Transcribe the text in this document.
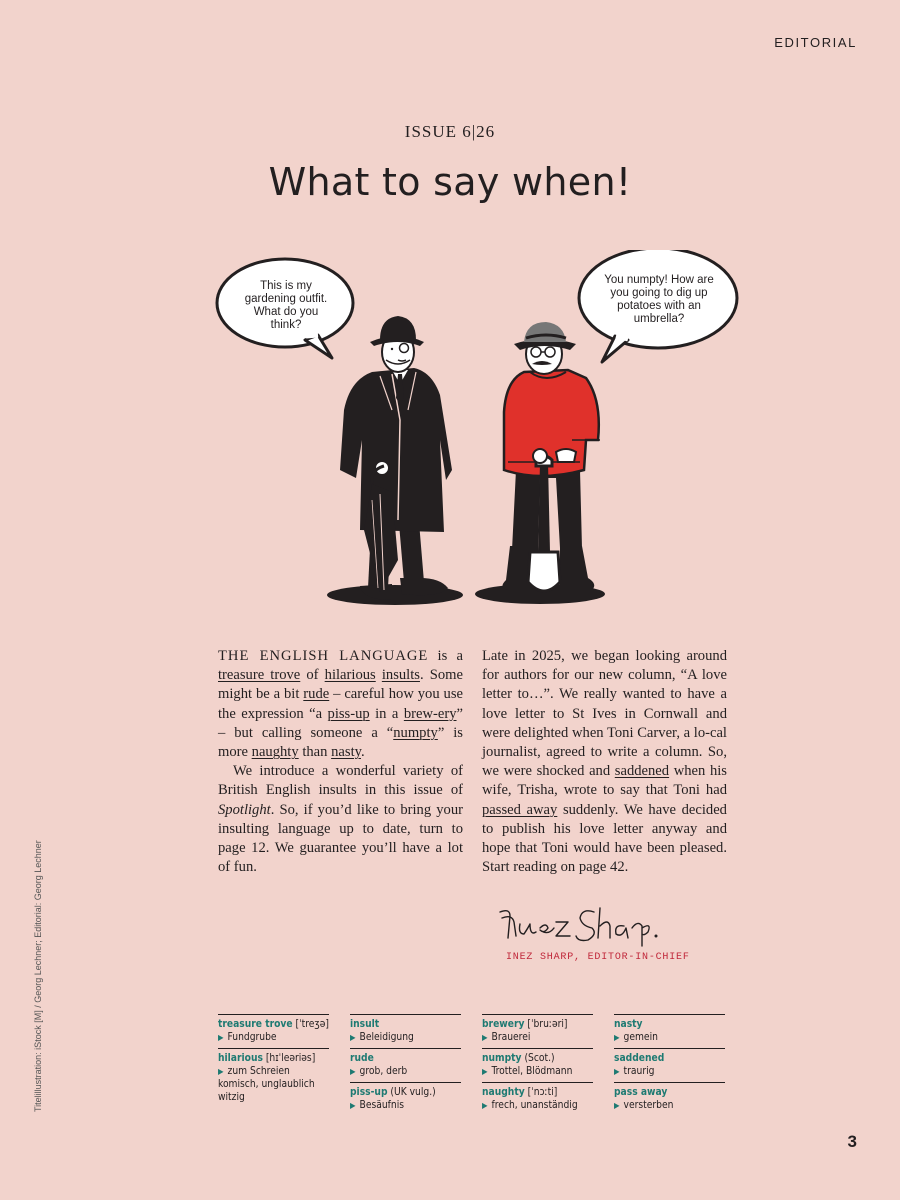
EDITORIAL
ISSUE 6|26
What to say when!
This is my gardening outfit. What do you think?
You numpty! How are you going to dig up potatoes with an umbrella?

THE ENGLISH LANGUAGE is a treasure trove of hilarious insults. Some might be a bit rude – careful how you use the expression “a piss-up in a brew-ery” – but calling someone a “numpty” is more naughty than nasty.

We introduce a wonderful variety of British English insults in this issue of Spotlight. So, if you’d like to bring your insulting language up to date, turn to page 12. We guarantee you’ll have a lot of fun.

Late in 2025, we began looking around for authors for our new column, “A love letter to…”. We really wanted to have a love letter to St Ives in Cornwall and were delighted when Toni Carver, a lo-cal journalist, agreed to write a column. So, we were shocked and saddened when his wife, Trisha, wrote to say that Toni had passed away suddenly. We have decided to publish his love letter anyway and hope that Toni would have been pleased. Start reading on page 42.

INEZ SHARP, EDITOR-IN-CHIEF
treasure trove [ˈtreʒə]
▶ Fundgrube
hilarious [hɪˈleəriəs]
▶ zum Schreien komisch, unglaublich witzig
insult
▶ Beleidigung
rude
▶ grob, derb
piss-up (UK vulg.)
▶ Besäufnis
brewery [ˈbruːəri]
▶ Brauerei
numpty (Scot.)
▶ Trottel, Blödmann
naughty [ˈnɔːti]
▶ frech, unanständig
nasty
▶ gemein
saddened
▶ traurig
pass away
▶ versterben
Titelillustration: iStock [M] / Georg Lechner; Editorial: Georg Lechner
3
